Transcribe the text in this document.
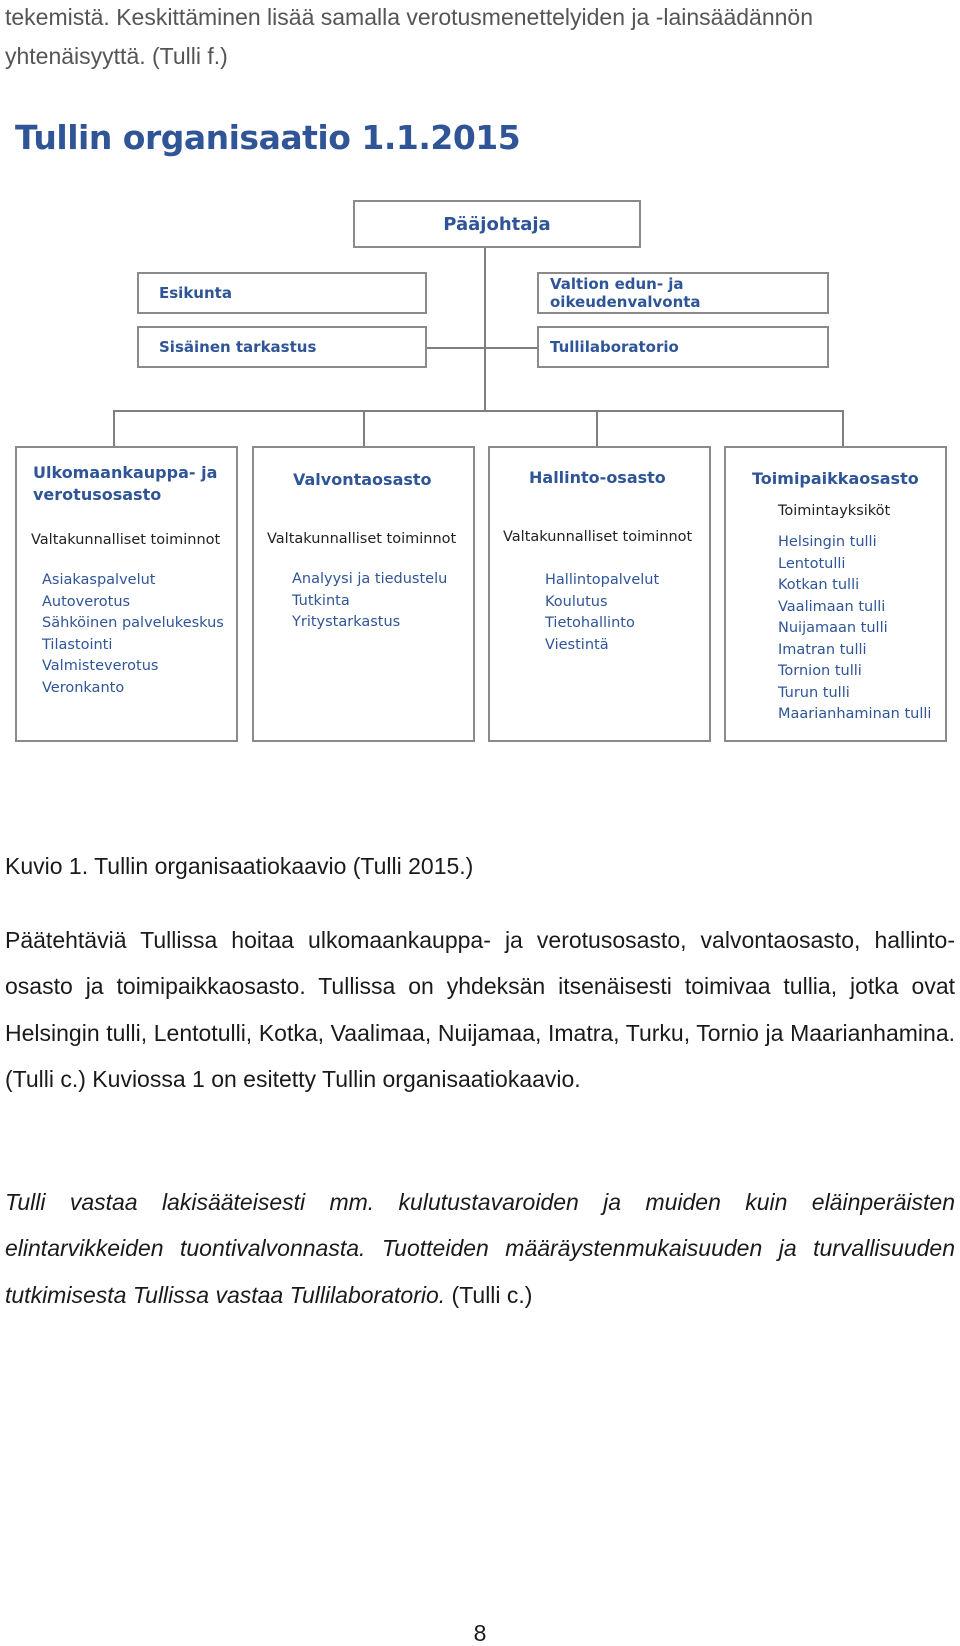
tekemistä. Keskittäminen lisää samalla verotusmenettelyiden ja -lainsäädännön
yhtenäisyyttä. (Tulli f.)
Tullin organisaatio 1.1.2015
Pääjohtaja
Esikunta
Sisäinen tarkastus
Valtion edun- ja oikeudenvalvonta
Tullilaboratorio
Ulkomaankauppa- ja verotusosasto
Valtakunnalliset toiminnot
Asiakaspalvelut
Autoverotus
Sähköinen palvelukeskus
Tilastointi
Valmisteverotus
Veronkanto
Valvontaosasto
Valtakunnalliset toiminnot
Analyysi ja tiedustelu
Tutkinta
Yritystarkastus
Hallinto-osasto
Valtakunnalliset toiminnot
Hallintopalvelut
Koulutus
Tietohallinto
Viestintä
Toimipaikkaosasto
Toimintayksiköt
Helsingin tulli
Lentotulli
Kotkan tulli
Vaalimaan tulli
Nuijamaan tulli
Imatran tulli
Tornion tulli
Turun tulli
Maarianhaminan tulli
Kuvio 1. Tullin organisaatiokaavio (Tulli 2015.)

Päätehtäviä Tullissa hoitaa ulkomaankauppa- ja verotusosasto, valvontaosasto, hallinto-osasto ja toimipaikkaosasto. Tullissa on yhdeksän itsenäisesti toimivaa tullia, jotka ovat Helsingin tulli, Lentotulli, Kotka, Vaalimaa, Nuijamaa, Imatra, Turku, Tornio ja Maarianhamina. (Tulli c.) Kuviossa 1 on esitetty Tullin organisaatiokaavio.

Tulli vastaa lakisääteisesti mm. kulutustavaroiden ja muiden kuin eläinperäisten elintarvikkeiden tuontivalvonnasta. Tuotteiden määräystenmukaisuuden ja turvallisuuden tutkimisesta Tullissa vastaa Tullilaboratorio. (Tulli c.)

8
